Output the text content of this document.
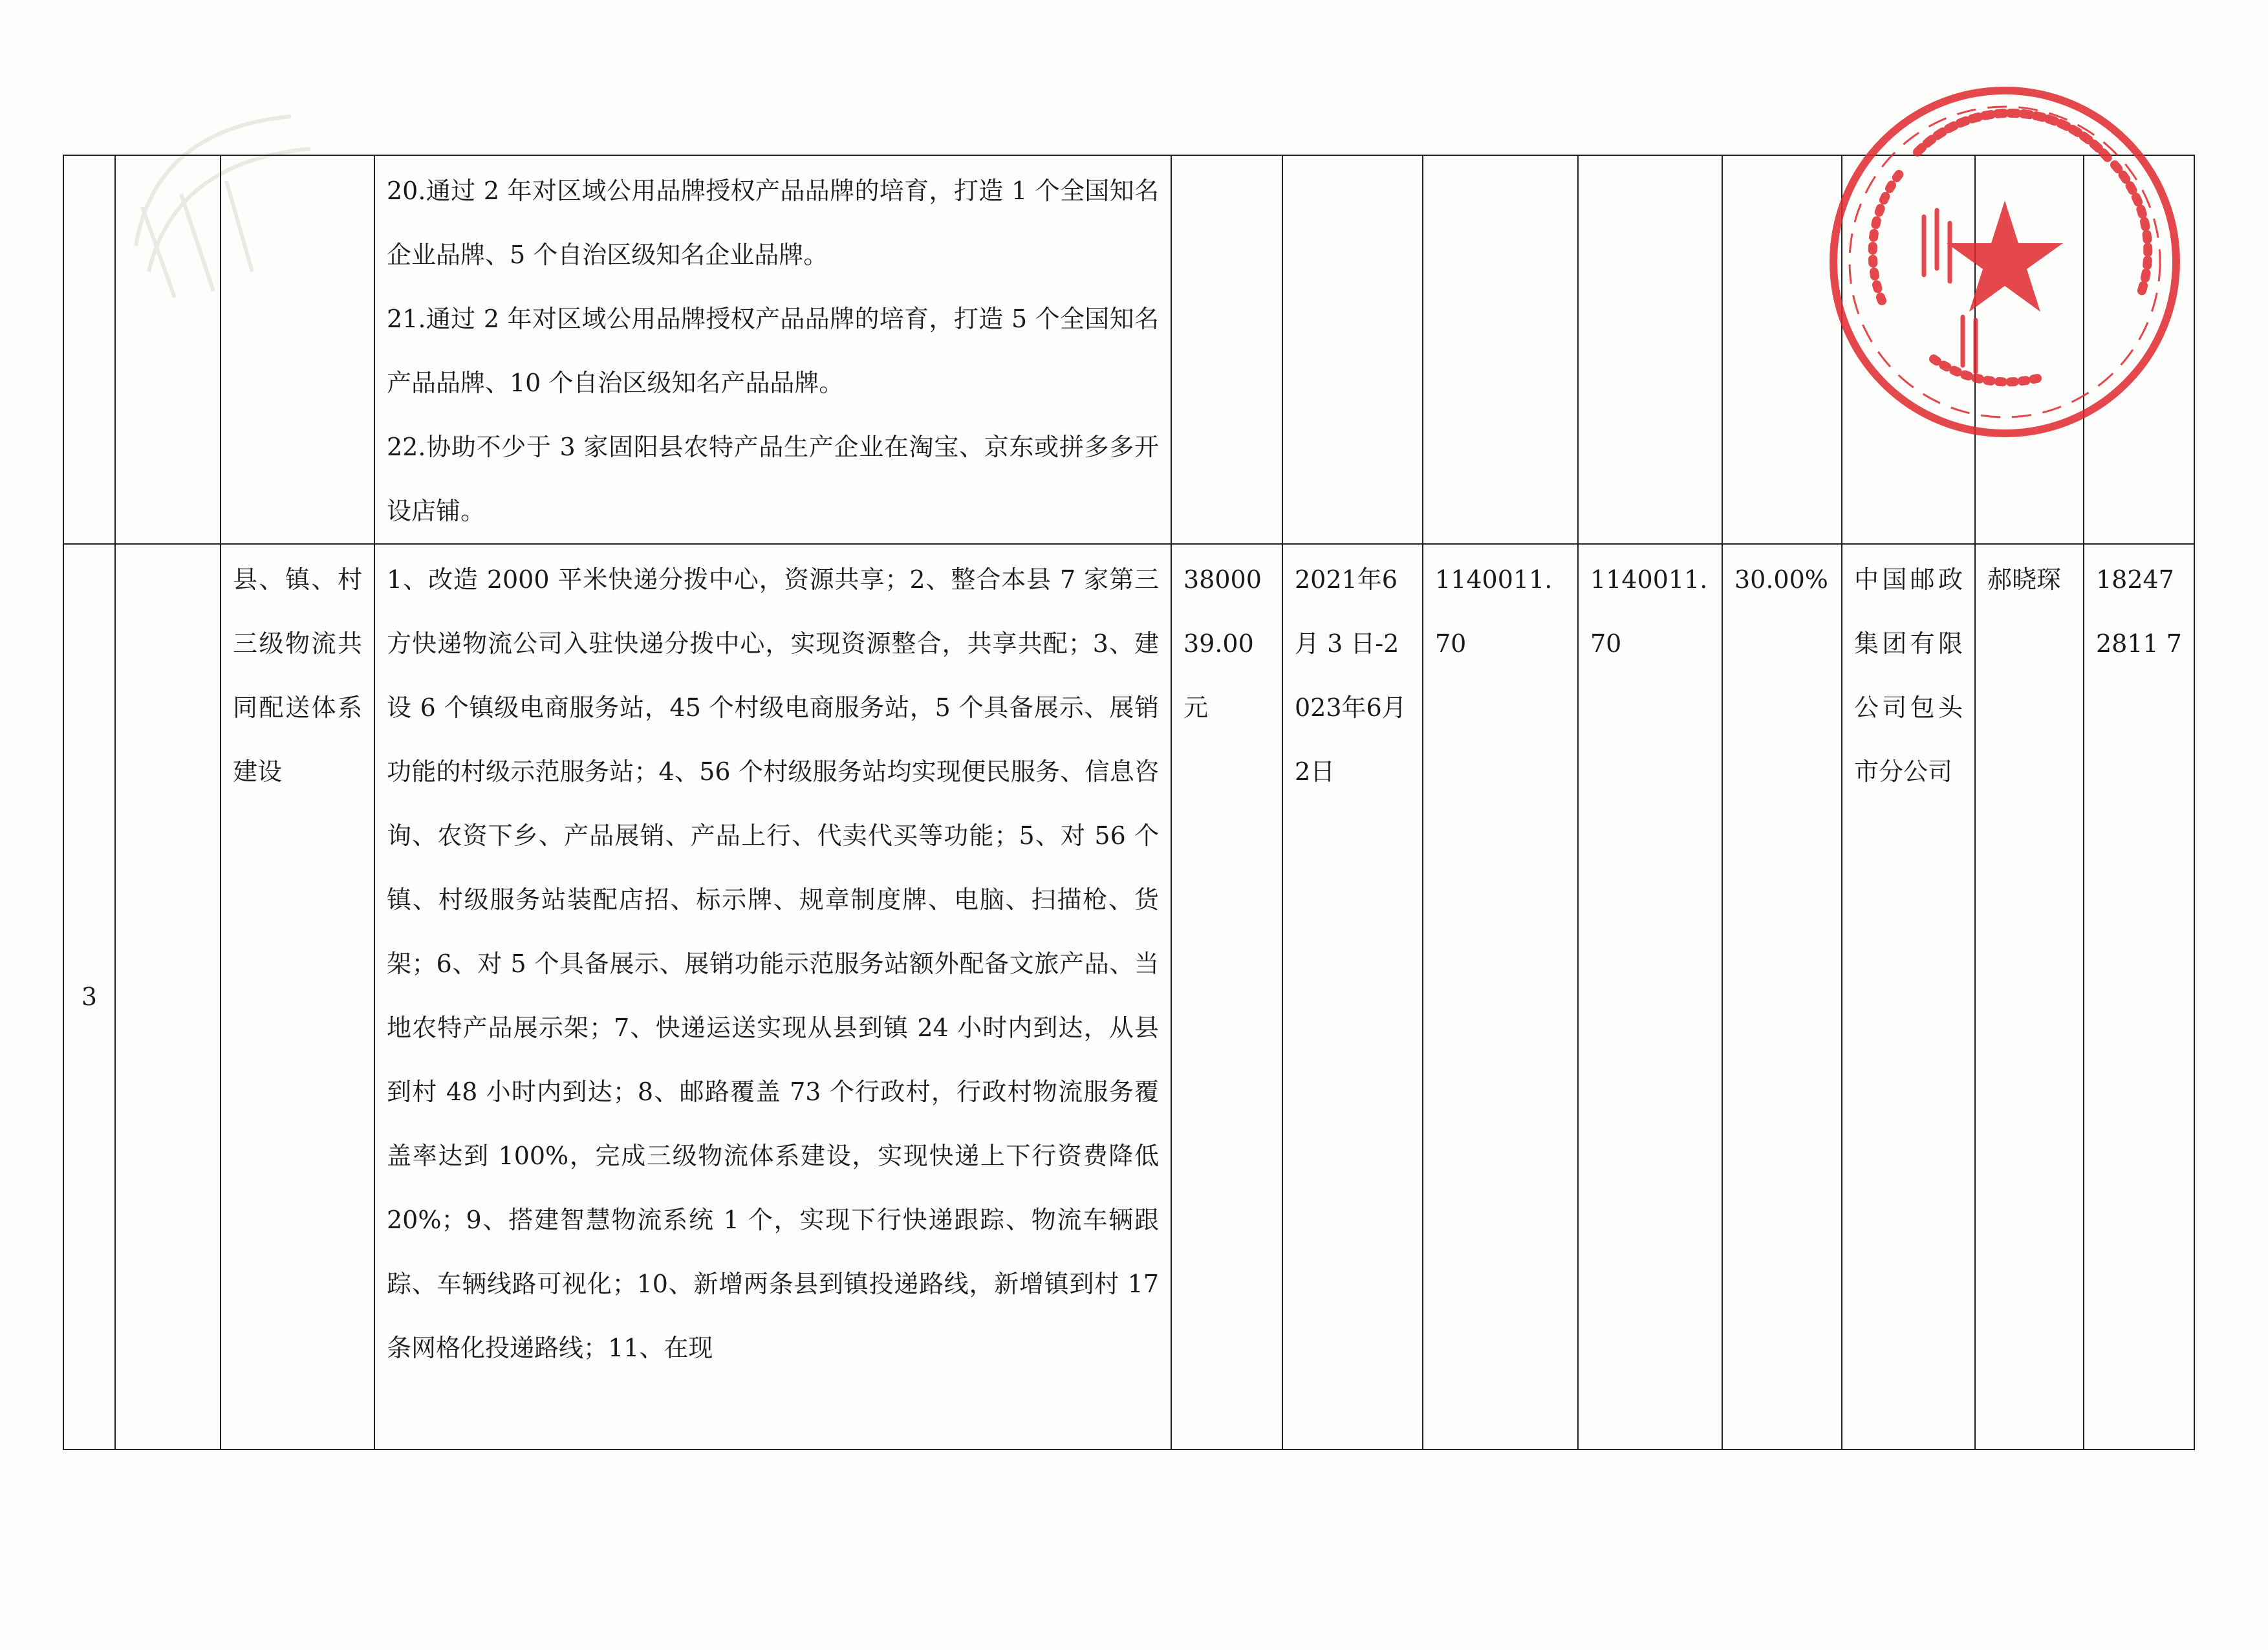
			20.通过 2 年对区域公用品牌授权产品品牌的培育，打造 1 个全国知名企业品牌、5 个自治区级知名企业品牌。
21.通过 2 年对区域公用品牌授权产品品牌的培育，打造 5 个全国知名产品品牌、10 个自治区级知名产品品牌。
22.协助不少于 3 家固阳县农特产品生产企业在淘宝、京东或拼多多开设店铺。								

3		县、镇、村三级物流共同配送体系建设	1、改造 2000 平米快递分拨中心，资源共享；2、整合本县 7 家第三方快递物流公司入驻快递分拨中心，实现资源整合，共享共配；3、建设 6 个镇级电商服务站，45 个村级电商服务站，5 个具备展示、展销功能的村级示范服务站；4、56 个村级服务站均实现便民服务、信息咨询、农资下乡、产品展销、产品上行、代卖代买等功能；5、对 56 个镇、村级服务站装配店招、标示牌、规章制度牌、电脑、扫描枪、货架；6、对 5 个具备展示、展销功能示范服务站额外配备文旅产品、当地农特产品展示架；7、快递运送实现从县到镇 24 小时内到达，从县到村 48 小时内到达；8、邮路覆盖 73 个行政村，行政村物流服务覆盖率达到 100%，完成三级物流体系建设，实现快递上下行资费降低 20%；9、搭建智慧物流系统 1 个，实现下行快递跟踪、物流车辆跟踪、车辆线路可视化；10、新增两条县到镇投递路线，新增镇到村 17 条网格化投递路线；11、在现	3800039.00元	2021年6月 3 日-2023年6月2日	1140011.70	1140011.70	30.00%	中国邮政集团有限公司包头市分公司	郝晓琛	182472811 7
